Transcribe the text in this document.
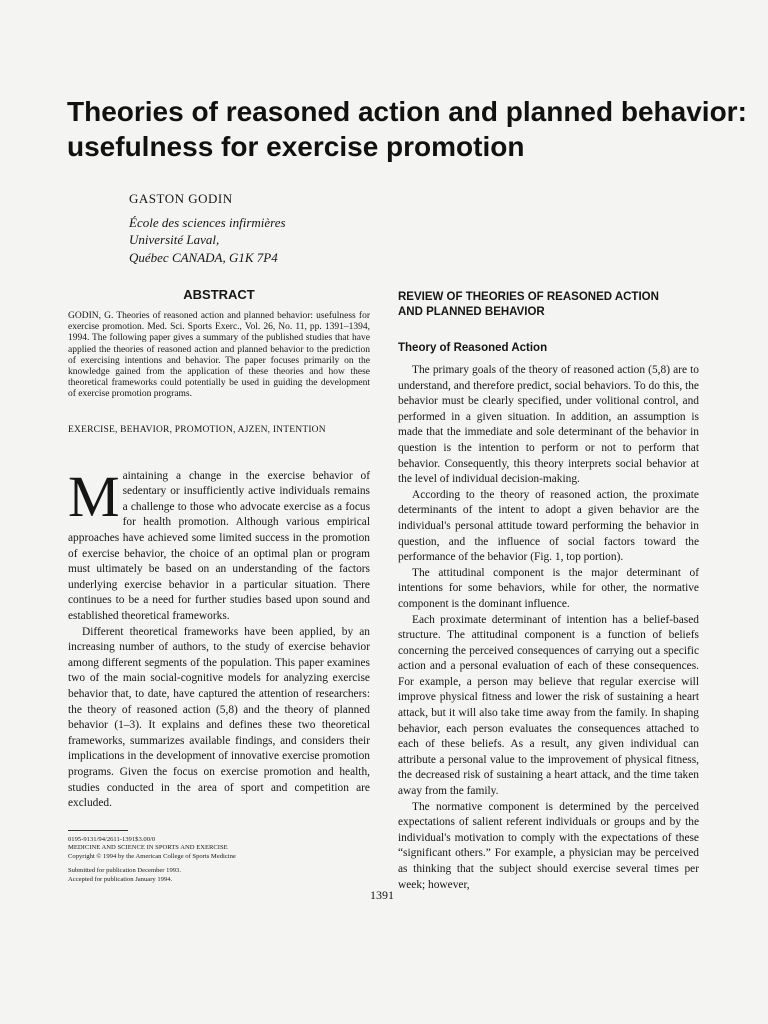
Theories of reasoned action and planned behavior: usefulness for exercise promotion
GASTON GODIN
École des sciences infirmières
Université Laval,
Québec CANADA, G1K 7P4
ABSTRACT

GODIN, G. Theories of reasoned action and planned behavior: usefulness for exercise promotion. Med. Sci. Sports Exerc., Vol. 26, No. 11, pp. 1391–1394, 1994. The following paper gives a summary of the published studies that have applied the theories of reasoned action and planned behavior to the prediction of exercising intentions and behavior. The paper focuses primarily on the knowledge gained from the application of these theories and how these theoretical frameworks could potentially be used in guiding the development of exercise promotion programs.

EXERCISE, BEHAVIOR, PROMOTION, AJZEN, INTENTION

Maintaining a change in the exercise behavior of sedentary or insufficiently active individuals remains a challenge to those who advocate exercise as a focus for health promotion. Although various empirical approaches have achieved some limited success in the promotion of exercise behavior, the choice of an optimal plan or program must ultimately be based on an understanding of the factors underlying exercise behavior in a particular situation. There continues to be a need for further studies based upon sound and established theoretical frameworks.

Different theoretical frameworks have been applied, by an increasing number of authors, to the study of exercise behavior among different segments of the population. This paper examines two of the main social-cognitive models for analyzing exercise behavior that, to date, have captured the attention of researchers: the theory of reasoned action (5,8) and the theory of planned behavior (1–3). It explains and defines these two theoretical frameworks, summarizes available findings, and considers their implications in the development of innovative exercise promotion programs. Given the focus on exercise promotion and health, studies conducted in the area of sport and competition are excluded.

0195-9131/94/2611-1391$3.00/0

MEDICINE AND SCIENCE IN SPORTS AND EXERCISE

Copyright © 1994 by the American College of Sports Medicine

Submitted for publication December 1993.

Accepted for publication January 1994.

REVIEW OF THEORIES OF REASONED ACTION AND PLANNED BEHAVIOR
Theory of Reasoned Action

The primary goals of the theory of reasoned action (5,8) are to understand, and therefore predict, social behaviors. To do this, the behavior must be clearly specified, under volitional control, and performed in a given situation. In addition, an assumption is made that the immediate and sole determinant of the behavior in question is the intention to perform or not to perform that behavior. Consequently, this theory interprets social behavior at the level of individual decision-making.

According to the theory of reasoned action, the proximate determinants of the intent to adopt a given behavior are the individual's personal attitude toward performing the behavior in question, and the influence of social factors toward the performance of the behavior (Fig. 1, top portion).

The attitudinal component is the major determinant of intentions for some behaviors, while for other, the normative component is the dominant influence.

Each proximate determinant of intention has a belief-based structure. The attitudinal component is a function of beliefs concerning the perceived consequences of carrying out a specific action and a personal evaluation of each of these consequences. For example, a person may believe that regular exercise will improve physical fitness and lower the risk of sustaining a heart attack, but it will also take time away from the family. In shaping behavior, each person evaluates the consequences attached to each of these beliefs. As a result, any given individual can attribute a personal value to the improvement of physical fitness, the decreased risk of sustaining a heart attack, and the time taken away from the family.

The normative component is determined by the perceived expectations of salient referent individuals or groups and by the individual's motivation to comply with the expectations of these “significant others.” For example, a physician may be perceived as thinking that the subject should exercise several times per week; however,

1391
